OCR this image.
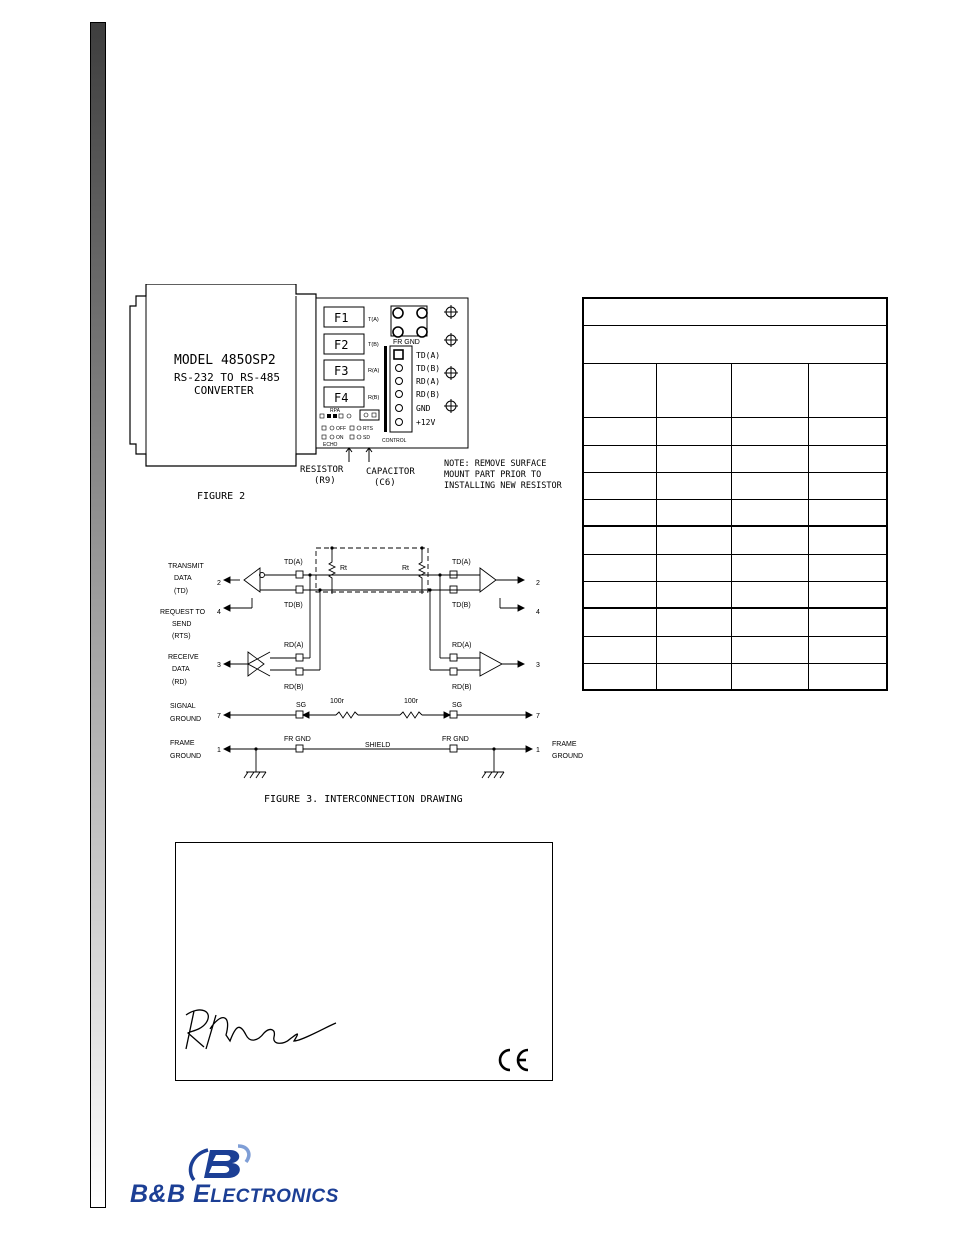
MODEL 485OSP2
RS-232 TO RS-485
CONVERTER
F1	T(A)
F2	T(B)
F3	R(A)
F4	R(B)
FR GND
TD(A)
TD(B)
RD(A)
RD(B)
GND
+12V
CONTROL
RPA
OFF	RTS
ON	SD
ECHO
RESISTOR
(R9)
CAPACITOR
(C6)
NOTE: REMOVE SURFACE
MOUNT PART PRIOR TO
INSTALLING NEW RESISTOR
FIGURE 2

TRANSMIT
DATA
(TD)
REQUEST TO
SEND
(RTS)
RECEIVE
DATA
(RD)
SIGNAL
GROUND
FRAME
GROUND
FRAME
GROUND
2
4
3
7
1
2
4
3
7
1
TD(A)
TD(B)
RD(A)
RD(B)
TD(A)
TD(B)
RD(A)
RD(B)
Rt	Rt
SG	SG
100r	100r
FR GND	FR GND
SHIELD
FIGURE 3. INTERCONNECTION DRAWING
B&B ELECTRONICS
